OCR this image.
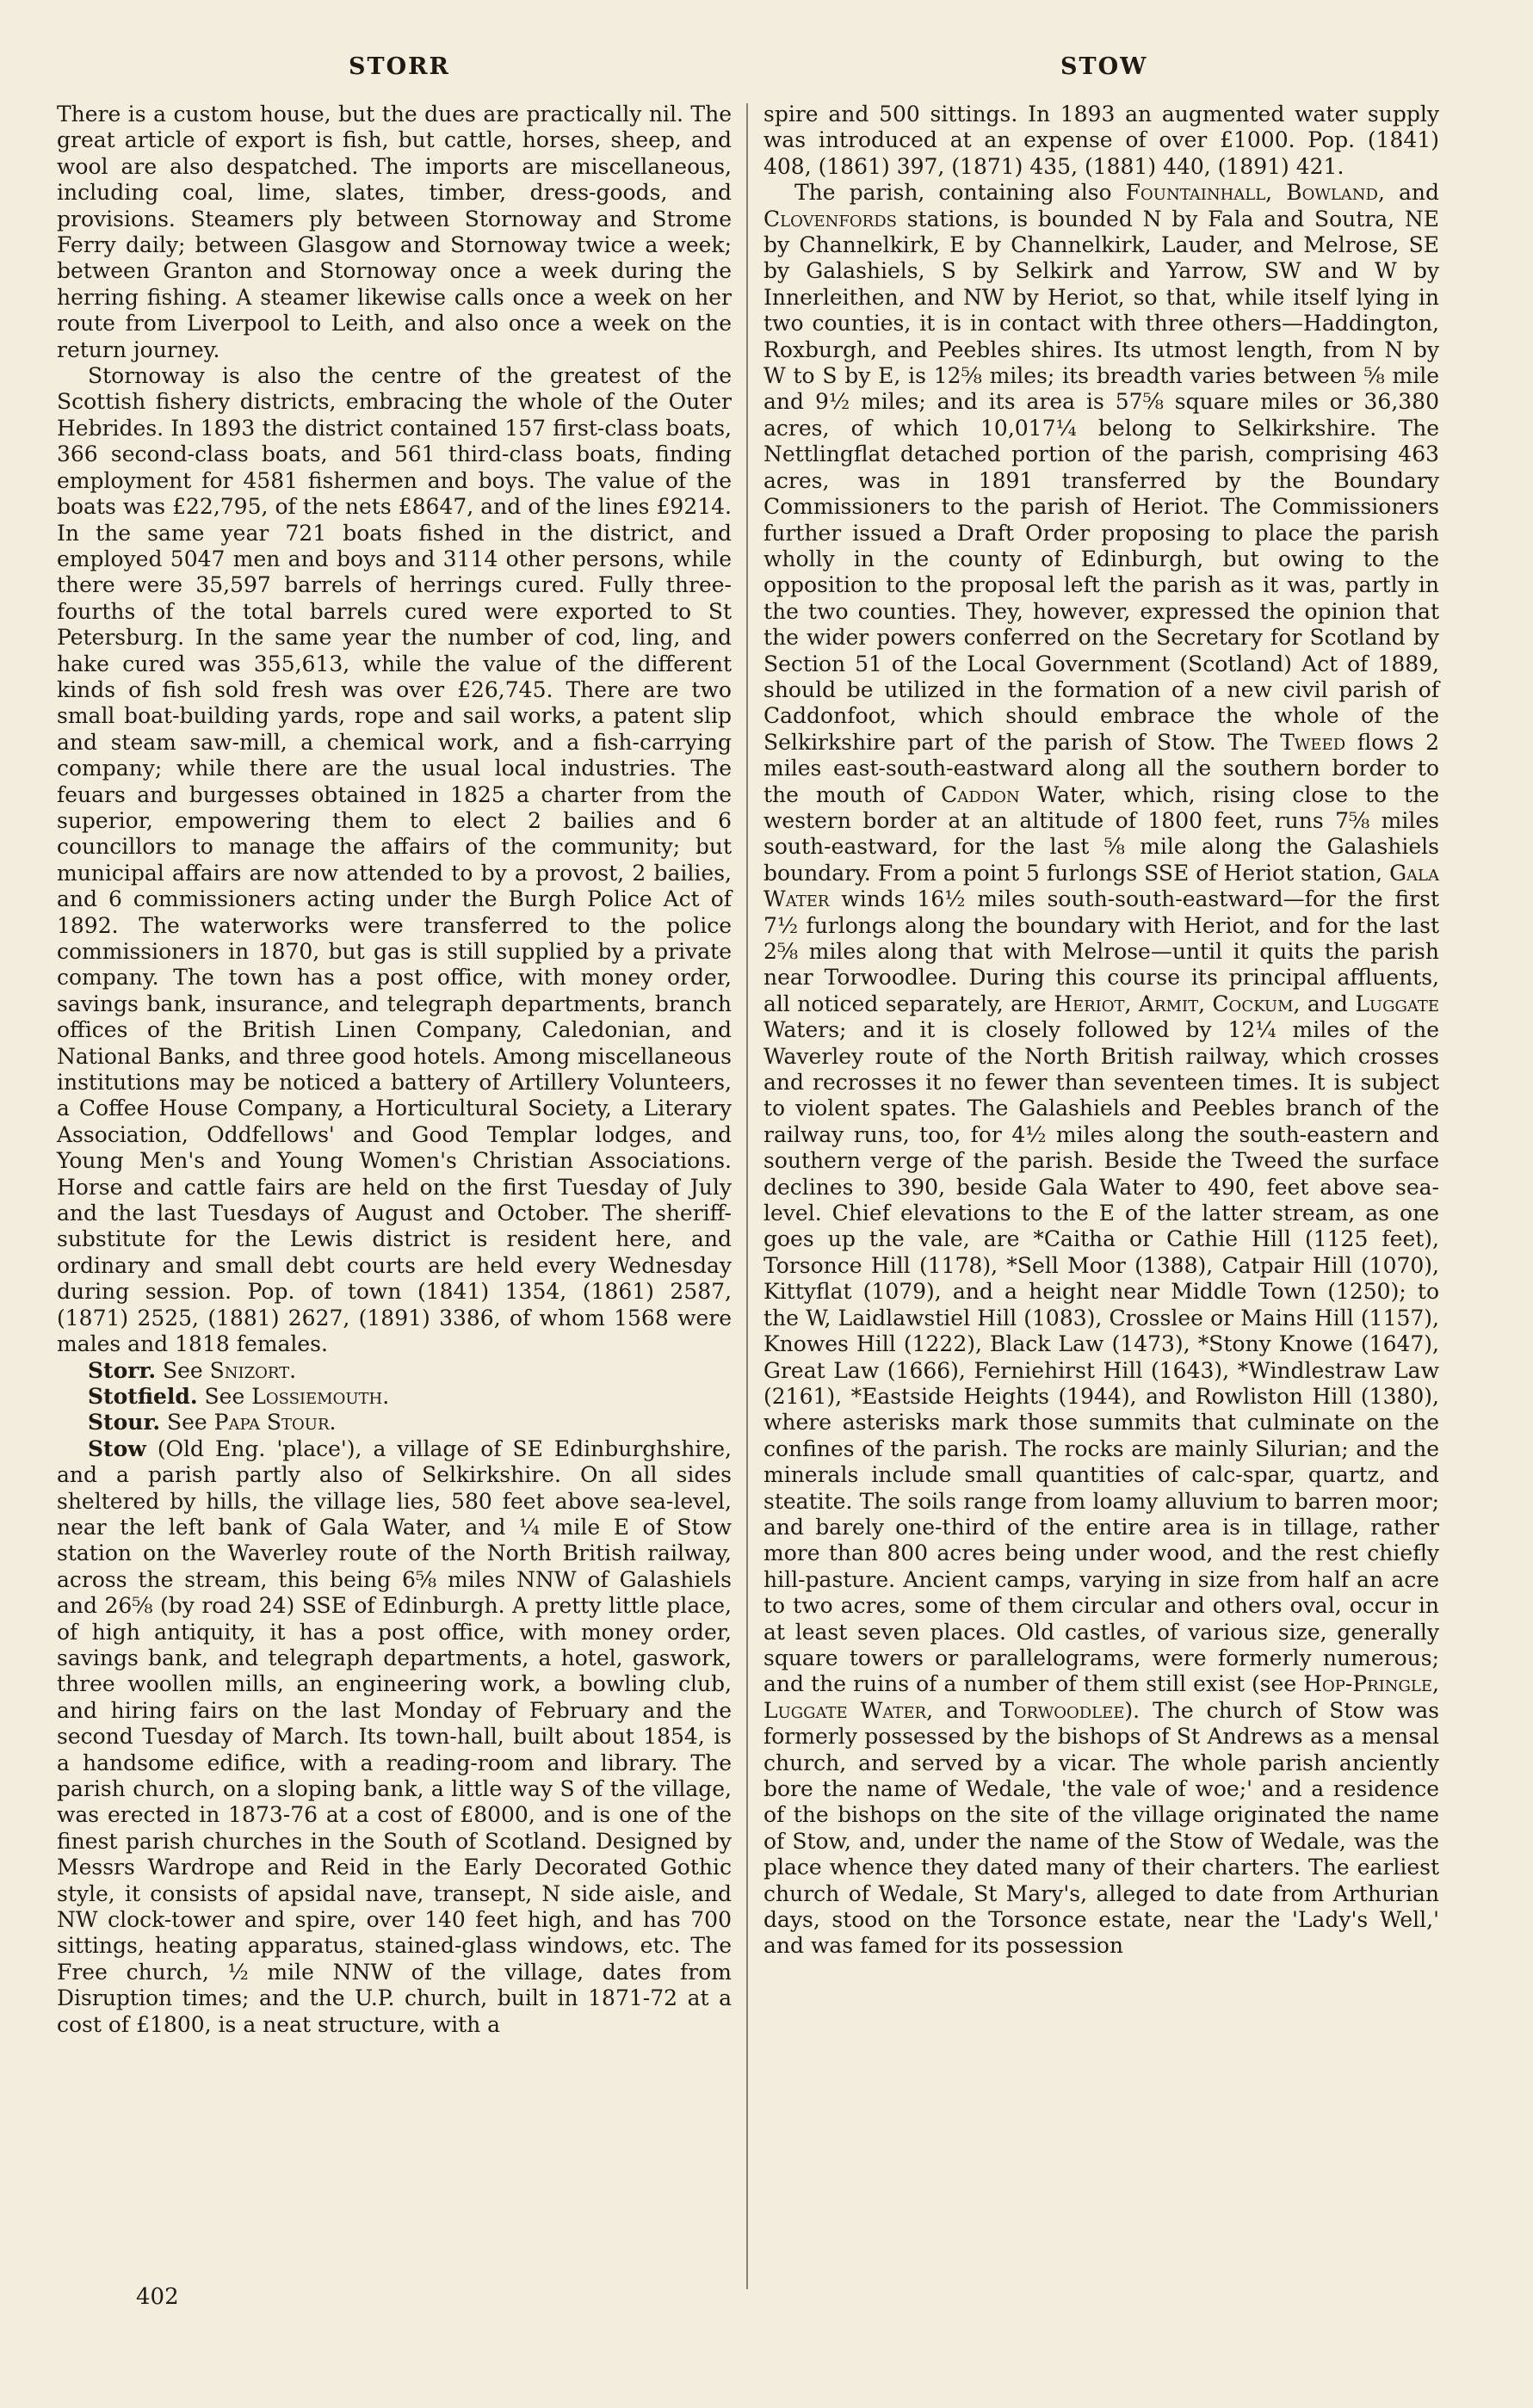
STORR	STOW

There is a custom house, but the dues are practically nil. The great article of export is fish, but cattle, horses, sheep, and wool are also despatched. The imports are miscellaneous, including coal, lime, slates, timber, dress-goods, and provisions. Steamers ply between Stornoway and Strome Ferry daily; between Glasgow and Stornoway twice a week; between Granton and Stornoway once a week during the herring fishing. A steamer likewise calls once a week on her route from Liverpool to Leith, and also once a week on the return journey.

Stornoway is also the centre of the greatest of the Scottish fishery districts, embracing the whole of the Outer Hebrides. In 1893 the district contained 157 first-class boats, 366 second-class boats, and 561 third-class boats, finding employment for 4581 fishermen and boys. The value of the boats was £22,795, of the nets £8647, and of the lines £9214. In the same year 721 boats fished in the district, and employed 5047 men and boys and 3114 other persons, while there were 35,597 barrels of herrings cured. Fully three-fourths of the total barrels cured were exported to St Petersburg. In the same year the number of cod, ling, and hake cured was 355,613, while the value of the different kinds of fish sold fresh was over £26,745. There are two small boat-building yards, rope and sail works, a patent slip and steam saw-mill, a chemical work, and a fish-carrying company; while there are the usual local industries. The feuars and burgesses obtained in 1825 a charter from the superior, empowering them to elect 2 bailies and 6 councillors to manage the affairs of the community; but municipal affairs are now attended to by a provost, 2 bailies, and 6 commissioners acting under the Burgh Police Act of 1892. The waterworks were transferred to the police commissioners in 1870, but gas is still supplied by a private company. The town has a post office, with money order, savings bank, insurance, and telegraph departments, branch offices of the British Linen Company, Caledonian, and National Banks, and three good hotels. Among miscellaneous institutions may be noticed a battery of Artillery Volunteers, a Coffee House Company, a Horticultural Society, a Literary Association, Oddfellows' and Good Templar lodges, and Young Men's and Young Women's Christian Associations. Horse and cattle fairs are held on the first Tuesday of July and the last Tuesdays of August and October. The sheriff-substitute for the Lewis district is resident here, and ordinary and small debt courts are held every Wednesday during session. Pop. of town (1841) 1354, (1861) 2587, (1871) 2525, (1881) 2627, (1891) 3386, of whom 1568 were males and 1818 females.

Storr. See Snizort.

Stotfield. See Lossiemouth.

Stour. See Papa Stour.

Stow (Old Eng. 'place'), a village of SE Edinburghshire, and a parish partly also of Selkirkshire. On all sides sheltered by hills, the village lies, 580 feet above sea-level, near the left bank of Gala Water, and ¼ mile E of Stow station on the Waverley route of the North British railway, across the stream, this being 6⅝ miles NNW of Galashiels and 26⅝ (by road 24) SSE of Edinburgh. A pretty little place, of high antiquity, it has a post office, with money order, savings bank, and telegraph departments, a hotel, gaswork, three woollen mills, an engineering work, a bowling club, and hiring fairs on the last Monday of February and the second Tuesday of March. Its town-hall, built about 1854, is a handsome edifice, with a reading-room and library. The parish church, on a sloping bank, a little way S of the village, was erected in 1873-76 at a cost of £8000, and is one of the finest parish churches in the South of Scotland. Designed by Messrs Wardrope and Reid in the Early Decorated Gothic style, it consists of apsidal nave, transept, N side aisle, and NW clock-tower and spire, over 140 feet high, and has 700 sittings, heating apparatus, stained-glass windows, etc. The Free church, ½ mile NNW of the village, dates from Disruption times; and the U.P. church, built in 1871-72 at a cost of £1800, is a neat structure, with a

spire and 500 sittings. In 1893 an augmented water supply was introduced at an expense of over £1000. Pop. (1841) 408, (1861) 397, (1871) 435, (1881) 440, (1891) 421.

The parish, containing also Fountainhall, Bowland, and Clovenfords stations, is bounded N by Fala and Soutra, NE by Channelkirk, E by Channelkirk, Lauder, and Melrose, SE by Galashiels, S by Selkirk and Yarrow, SW and W by Innerleithen, and NW by Heriot, so that, while itself lying in two counties, it is in contact with three others—Haddington, Roxburgh, and Peebles shires. Its utmost length, from N by W to S by E, is 12⅝ miles; its breadth varies between ⅝ mile and 9½ miles; and its area is 57⅝ square miles or 36,380 acres, of which 10,017¼ belong to Selkirkshire. The Nettlingflat detached portion of the parish, comprising 463 acres, was in 1891 transferred by the Boundary Commissioners to the parish of Heriot. The Commissioners further issued a Draft Order proposing to place the parish wholly in the county of Edinburgh, but owing to the opposition to the proposal left the parish as it was, partly in the two counties. They, however, expressed the opinion that the wider powers conferred on the Secretary for Scotland by Section 51 of the Local Government (Scotland) Act of 1889, should be utilized in the formation of a new civil parish of Caddonfoot, which should embrace the whole of the Selkirkshire part of the parish of Stow. The Tweed flows 2 miles east-south-eastward along all the southern border to the mouth of Caddon Water, which, rising close to the western border at an altitude of 1800 feet, runs 7⅝ miles south-eastward, for the last ⅝ mile along the Galashiels boundary. From a point 5 furlongs SSE of Heriot station, Gala Water winds 16½ miles south-south-eastward—for the first 7½ furlongs along the boundary with Heriot, and for the last 2⅝ miles along that with Melrose—until it quits the parish near Torwoodlee. During this course its principal affluents, all noticed separately, are Heriot, Armit, Cockum, and Luggate Waters; and it is closely followed by 12¼ miles of the Waverley route of the North British railway, which crosses and recrosses it no fewer than seventeen times. It is subject to violent spates. The Galashiels and Peebles branch of the railway runs, too, for 4½ miles along the south-eastern and southern verge of the parish. Beside the Tweed the surface declines to 390, beside Gala Water to 490, feet above sea-level. Chief elevations to the E of the latter stream, as one goes up the vale, are *Caitha or Cathie Hill (1125 feet), Torsonce Hill (1178), *Sell Moor (1388), Catpair Hill (1070), Kittyflat (1079), and a height near Middle Town (1250); to the W, Laidlawstiel Hill (1083), Crosslee or Mains Hill (1157), Knowes Hill (1222), Black Law (1473), *Stony Knowe (1647), Great Law (1666), Ferniehirst Hill (1643), *Windlestraw Law (2161), *Eastside Heights (1944), and Rowliston Hill (1380), where asterisks mark those summits that culminate on the confines of the parish. The rocks are mainly Silurian; and the minerals include small quantities of calc-spar, quartz, and steatite. The soils range from loamy alluvium to barren moor; and barely one-third of the entire area is in tillage, rather more than 800 acres being under wood, and the rest chiefly hill-pasture. Ancient camps, varying in size from half an acre to two acres, some of them circular and others oval, occur in at least seven places. Old castles, of various size, generally square towers or parallelograms, were formerly numerous; and the ruins of a number of them still exist (see Hop-Pringle, Luggate Water, and Torwoodlee). The church of Stow was formerly possessed by the bishops of St Andrews as a mensal church, and served by a vicar. The whole parish anciently bore the name of Wedale, 'the vale of woe;' and a residence of the bishops on the site of the village originated the name of Stow, and, under the name of the Stow of Wedale, was the place whence they dated many of their charters. The earliest church of Wedale, St Mary's, alleged to date from Arthurian days, stood on the Torsonce estate, near the 'Lady's Well,' and was famed for its possession

402
